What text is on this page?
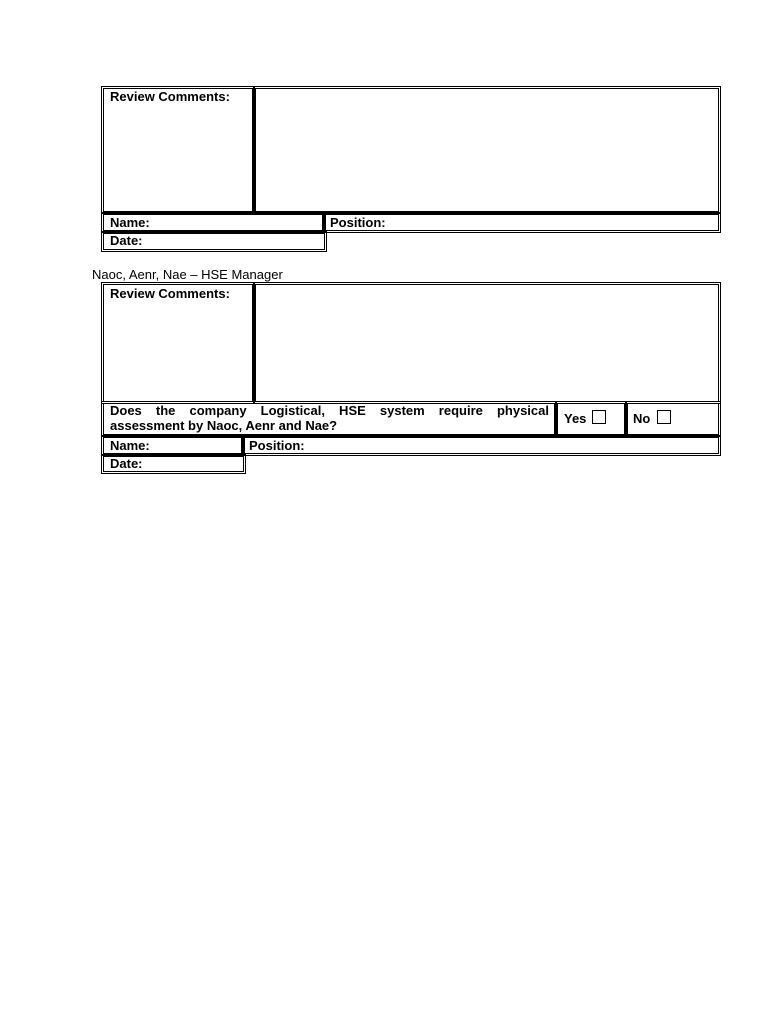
Review Comments:
Name:	Position:
Date:
Naoc, Aenr, Nae – HSE Manager
Review Comments:
Does the company Logistical, HSE system require physical assessment by Naoc, Aenr and Nae?	Yes	No
Name:	Position:
Date:
